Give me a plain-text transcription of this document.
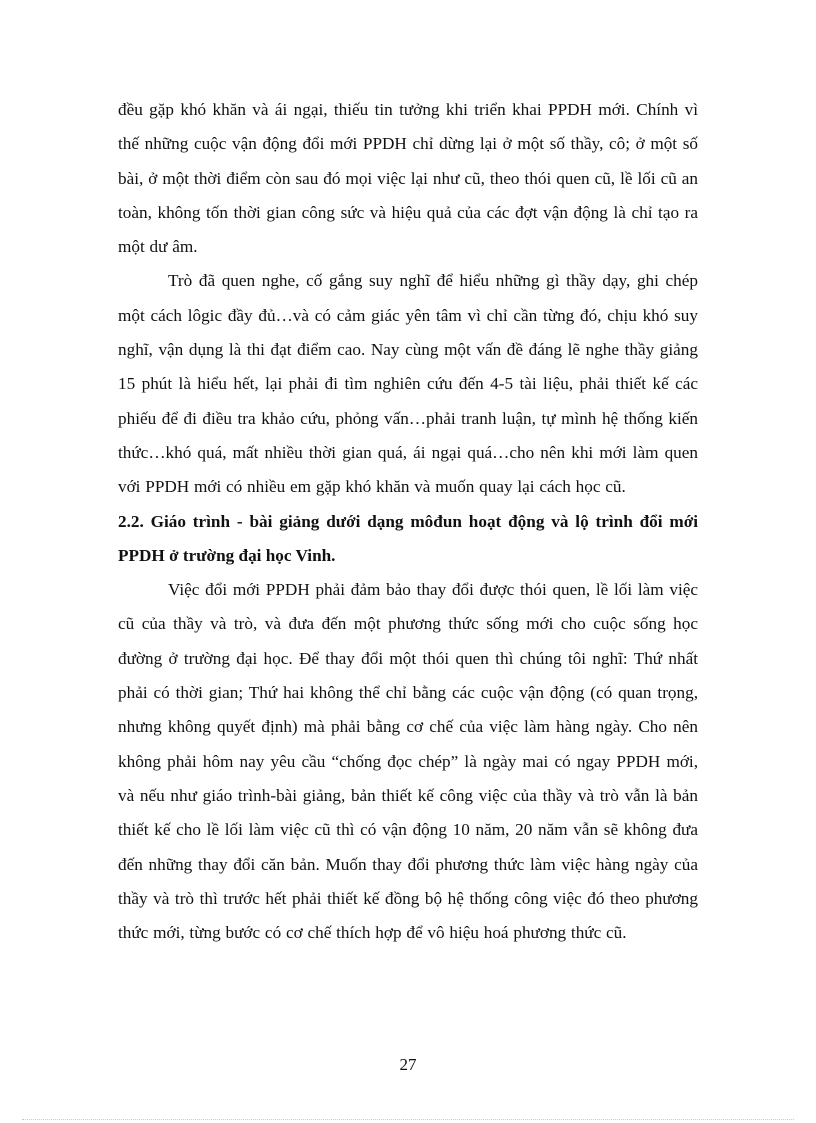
đều gặp khó khăn và ái ngại, thiếu tin tưởng khi triển khai PPDH mới. Chính vì thế những cuộc vận động đổi mới PPDH chỉ dừng lại ở một số thầy, cô; ở một số bài, ở một thời điểm còn sau đó mọi việc lại như cũ, theo thói quen cũ, lề lối cũ an toàn, không tốn thời gian công sức và hiệu quả của các đợt vận động là chỉ tạo ra một dư âm.

Trò đã quen nghe, cố gắng suy nghĩ để hiểu những gì thầy dạy, ghi chép một cách lôgic đầy đủ…và có cảm giác yên tâm vì chỉ cần từng đó, chịu khó suy nghĩ, vận dụng là thi đạt điểm cao. Nay cùng một vấn đề đáng lẽ nghe thầy giảng 15 phút là hiểu hết, lại phải đi tìm nghiên cứu đến 4-5 tài liệu, phải thiết kế các phiếu để đi điều tra khảo cứu, phỏng vấn…phải tranh luận, tự mình hệ thống kiến thức…khó quá, mất nhiều thời gian quá, ái ngại quá…cho nên khi mới làm quen với PPDH mới có nhiều em gặp khó khăn và muốn quay lại cách học cũ.

2.2. Giáo trình - bài giảng dưới dạng môđun hoạt động và lộ trình đổi mới PPDH ở trường đại học Vinh.

Việc đổi mới PPDH phải đảm bảo thay đổi được thói quen, lề lối làm việc cũ của thầy và trò, và đưa đến một phương thức sống mới cho cuộc sống học đường ở trường đại học. Để thay đổi một thói quen thì chúng tôi nghĩ: Thứ nhất phải có thời gian; Thứ hai không thể chỉ bằng các cuộc vận động (có quan trọng, nhưng không quyết định) mà phải bằng cơ chế của việc làm hàng ngày. Cho nên không phải hôm nay yêu cầu “chống đọc chép” là ngày mai có ngay PPDH mới, và nếu như giáo trình-bài giảng, bản thiết kế công việc của thầy và trò vẫn là bản thiết kế cho lề lối làm việc cũ thì có vận động 10 năm, 20 năm vẫn sẽ không đưa đến những thay đổi căn bản. Muốn thay đổi phương thức làm việc hàng ngày của thầy và trò thì trước hết phải thiết kế đồng bộ hệ thống công việc đó theo phương thức mới, từng bước có cơ chế thích hợp để vô hiệu hoá phương thức cũ.

27
